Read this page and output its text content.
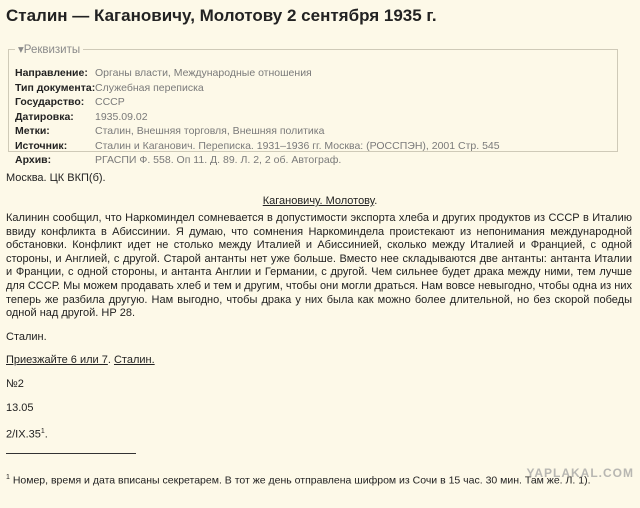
Сталин — Кагановичу, Молотову 2 сентября 1935 г.
▾Реквизиты
Направление: Органы власти, Международные отношения
Тип документа:Служебная переписка
Государство: СССР
Датировка: 1935.09.02
Метки:	Сталин, Внешняя торговля, Внешняя политика
Источник:	Сталин и Каганович. Переписка. 1931–1936 гг. Москва: (РОССПЭН), 2001 Стр. 545
Архив:	РГАСПИ Ф. 558. Оп 11. Д. 89. Л. 2, 2 об. Автограф.

Москва. ЦК ВКП(б).

Кагановичу. Молотову.

Калинин сообщил, что Наркоминдел сомневается в допустимости экспорта хлеба и других продуктов из СССР в Италию ввиду конфликта в Абиссинии. Я думаю, что сомнения Наркоминдела проистекают из непонимания международной обстановки. Конфликт идет не столько между Италией и Абиссинией, сколько между Италией и Францией, с одной стороны, и Англией, с другой. Старой антанты нет уже больше. Вместо нее складываются две антанты: антанта Италии и Франции, с одной стороны, и антанта Англии и Германии, с другой. Чем сильнее будет драка между ними, тем лучше для СССР. Мы можем продавать хлеб и тем и другим, чтобы они могли драться. Нам вовсе невыгодно, чтобы одна из них теперь же разбила другую. Нам выгодно, чтобы драка у них была как можно более длительной, но без скорой победы одной над другой. НР 28.

Сталин.

Приезжайте 6 или 7. Сталин.

№2

13.05

$2/IX.35^1$.

$^1$ Номер, время и дата вписаны секретарем. В тот же день отправлена шифром из Сочи в 15 час. 30 мин. Там же. Л. 1).

YAPLAKAL.COM
